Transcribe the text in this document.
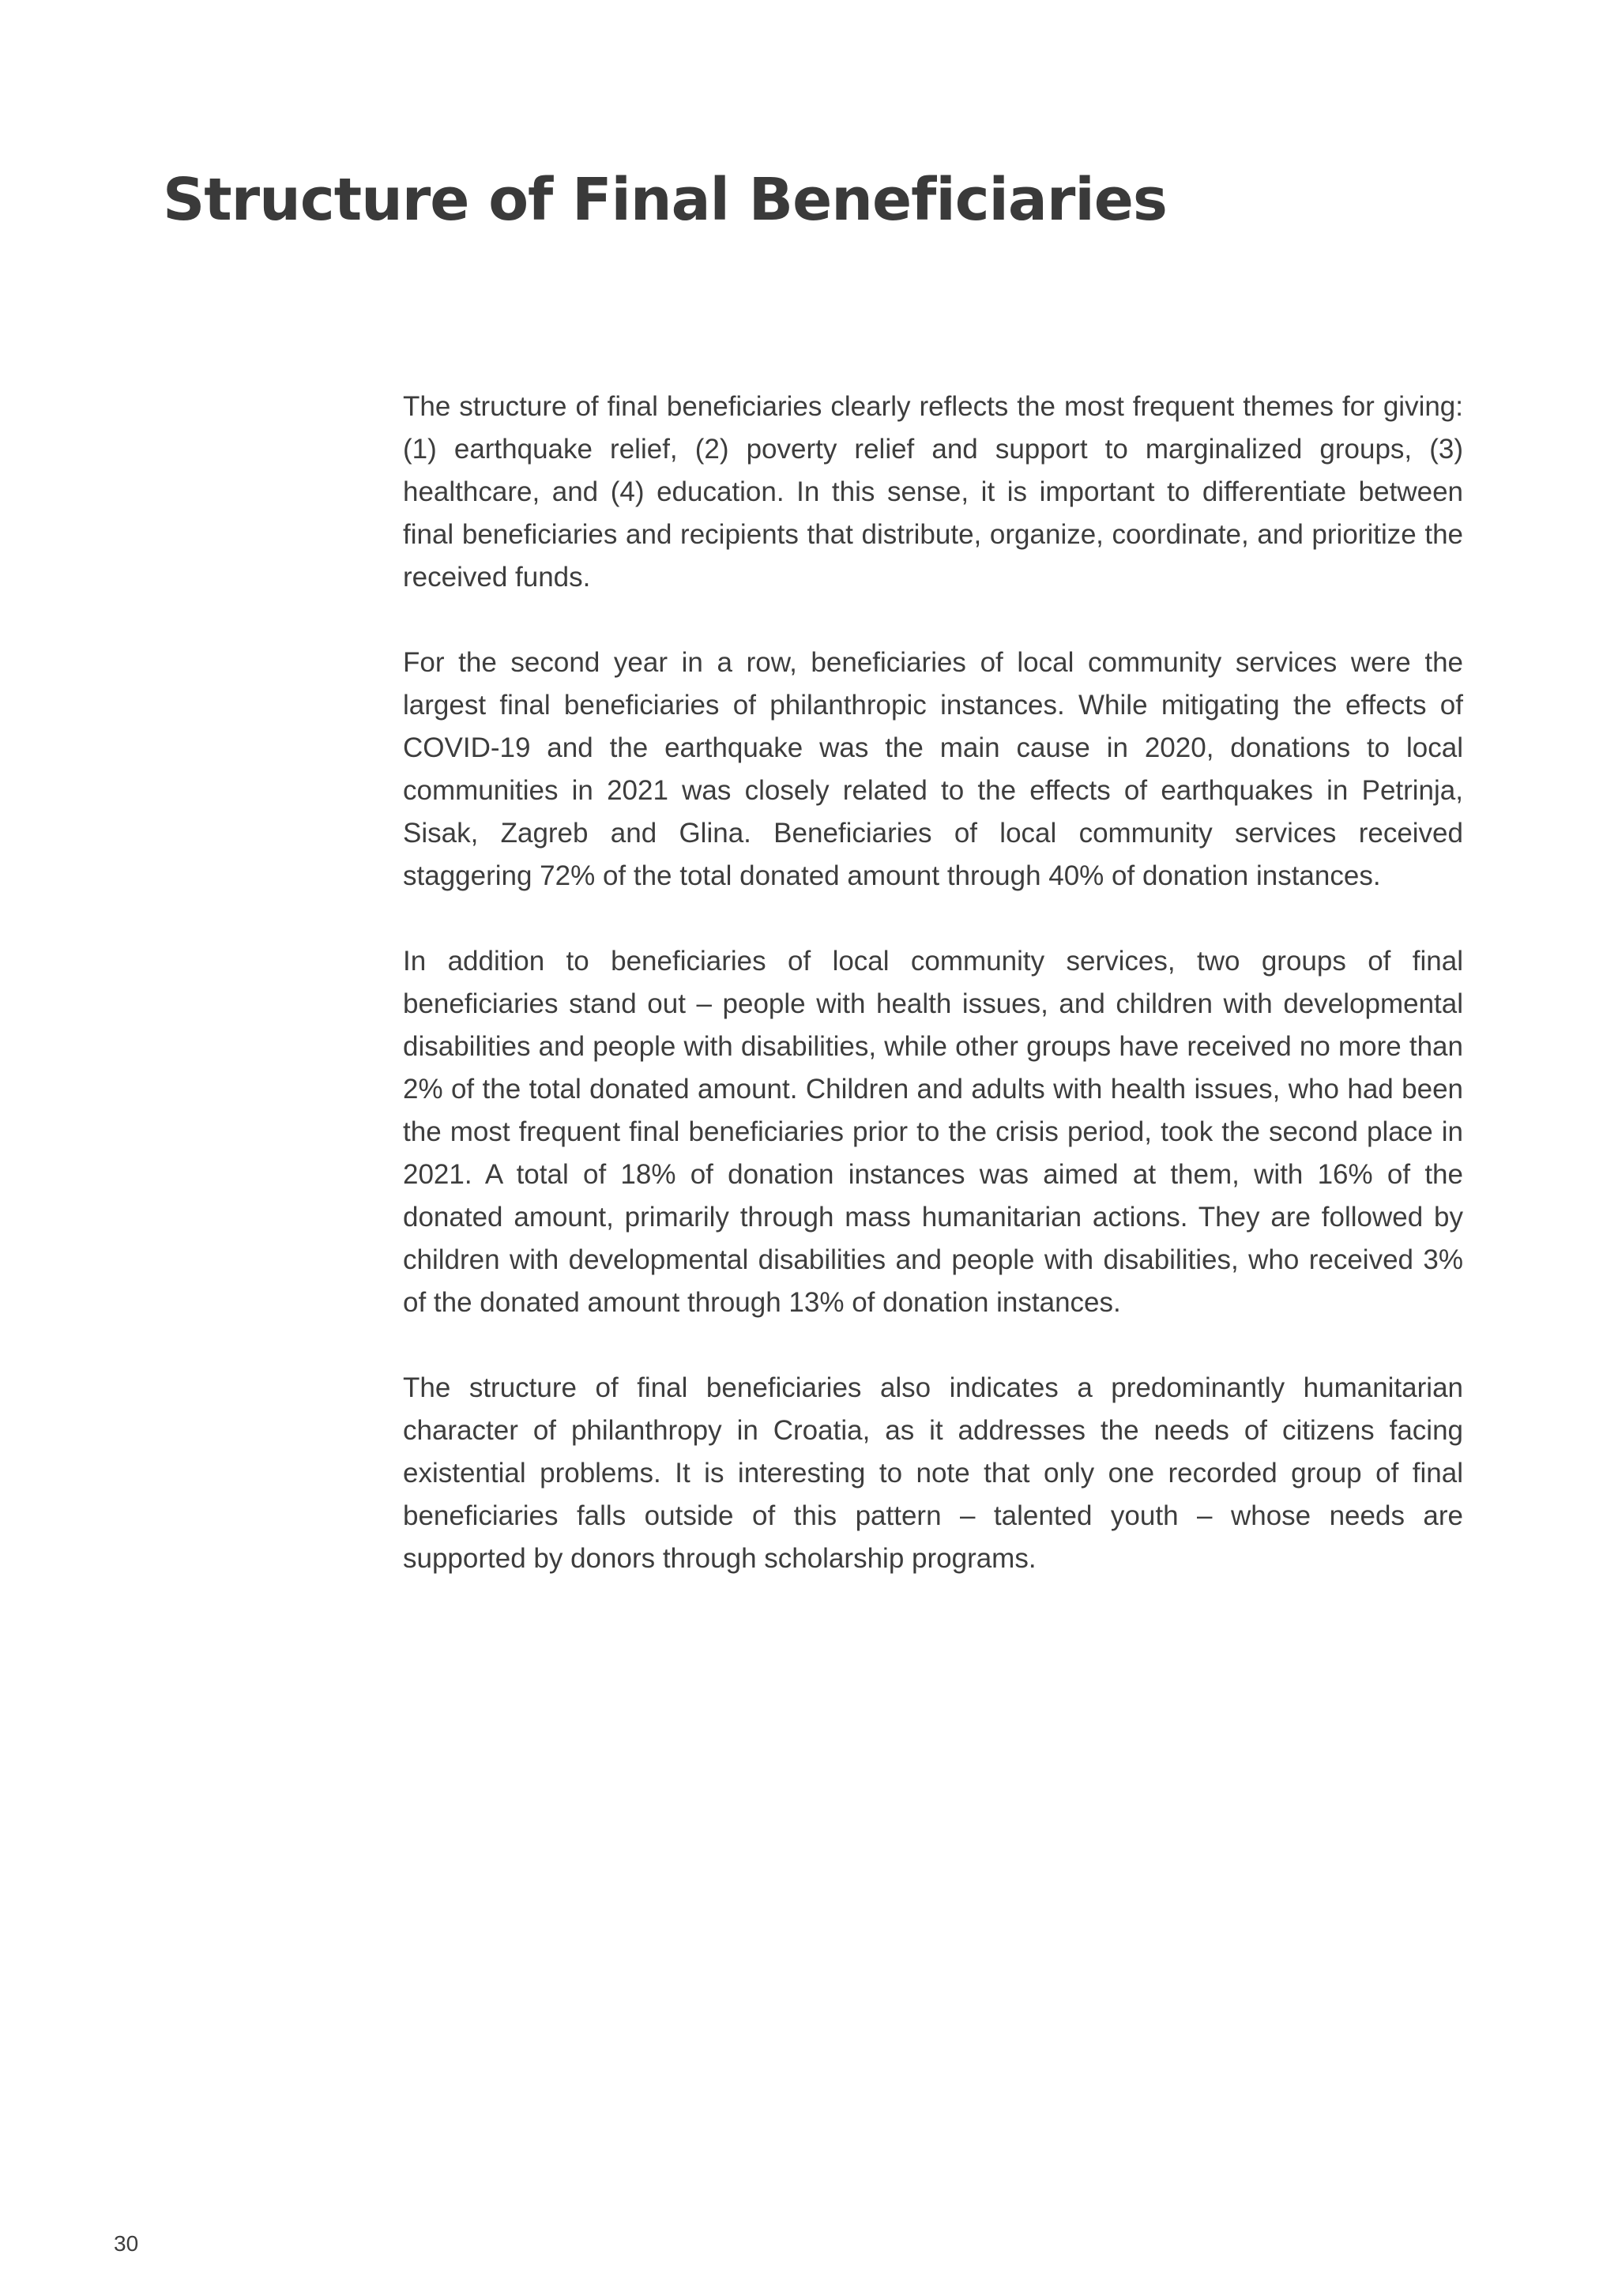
Structure of Final Beneficiaries

The structure of final beneficiaries clearly reflects the most frequent themes for giving: (1) earthquake relief, (2) poverty relief and support to marginalized groups, (3) healthcare, and (4) education. In this sense, it is important to differentiate between final beneficiaries and recipients that distribute, organize, coordinate, and prioritize the received funds.

For the second year in a row, beneficiaries of local community services were the largest final beneficiaries of philanthropic instances. While mitigating the effects of COVID-19 and the earthquake was the main cause in 2020, donations to local communities in 2021 was closely related to the effects of earthquakes in Petrinja, Sisak, Zagreb and Glina. Beneficiaries of local community services received staggering 72% of the total donated amount through 40% of donation instances.

In addition to beneficiaries of local community services, two groups of final beneficiaries stand out – people with health issues, and children with developmental disabilities and people with disabilities, while other groups have received no more than 2% of the total donated amount. Children and adults with health issues, who had been the most frequent final beneficiaries prior to the crisis period, took the second place in 2021. A total of 18% of donation instances was aimed at them, with 16% of the donated amount, primarily through mass humanitarian actions. They are followed by children with developmental disabilities and people with disabilities, who received 3% of the donated amount through 13% of donation instances.

The structure of final beneficiaries also indicates a predominantly humanitarian character of philanthropy in Croatia, as it addresses the needs of citizens facing existential problems. It is interesting to note that only one recorded group of final beneficiaries falls outside of this pattern – talented youth – whose needs are supported by donors through scholarship programs.

30
